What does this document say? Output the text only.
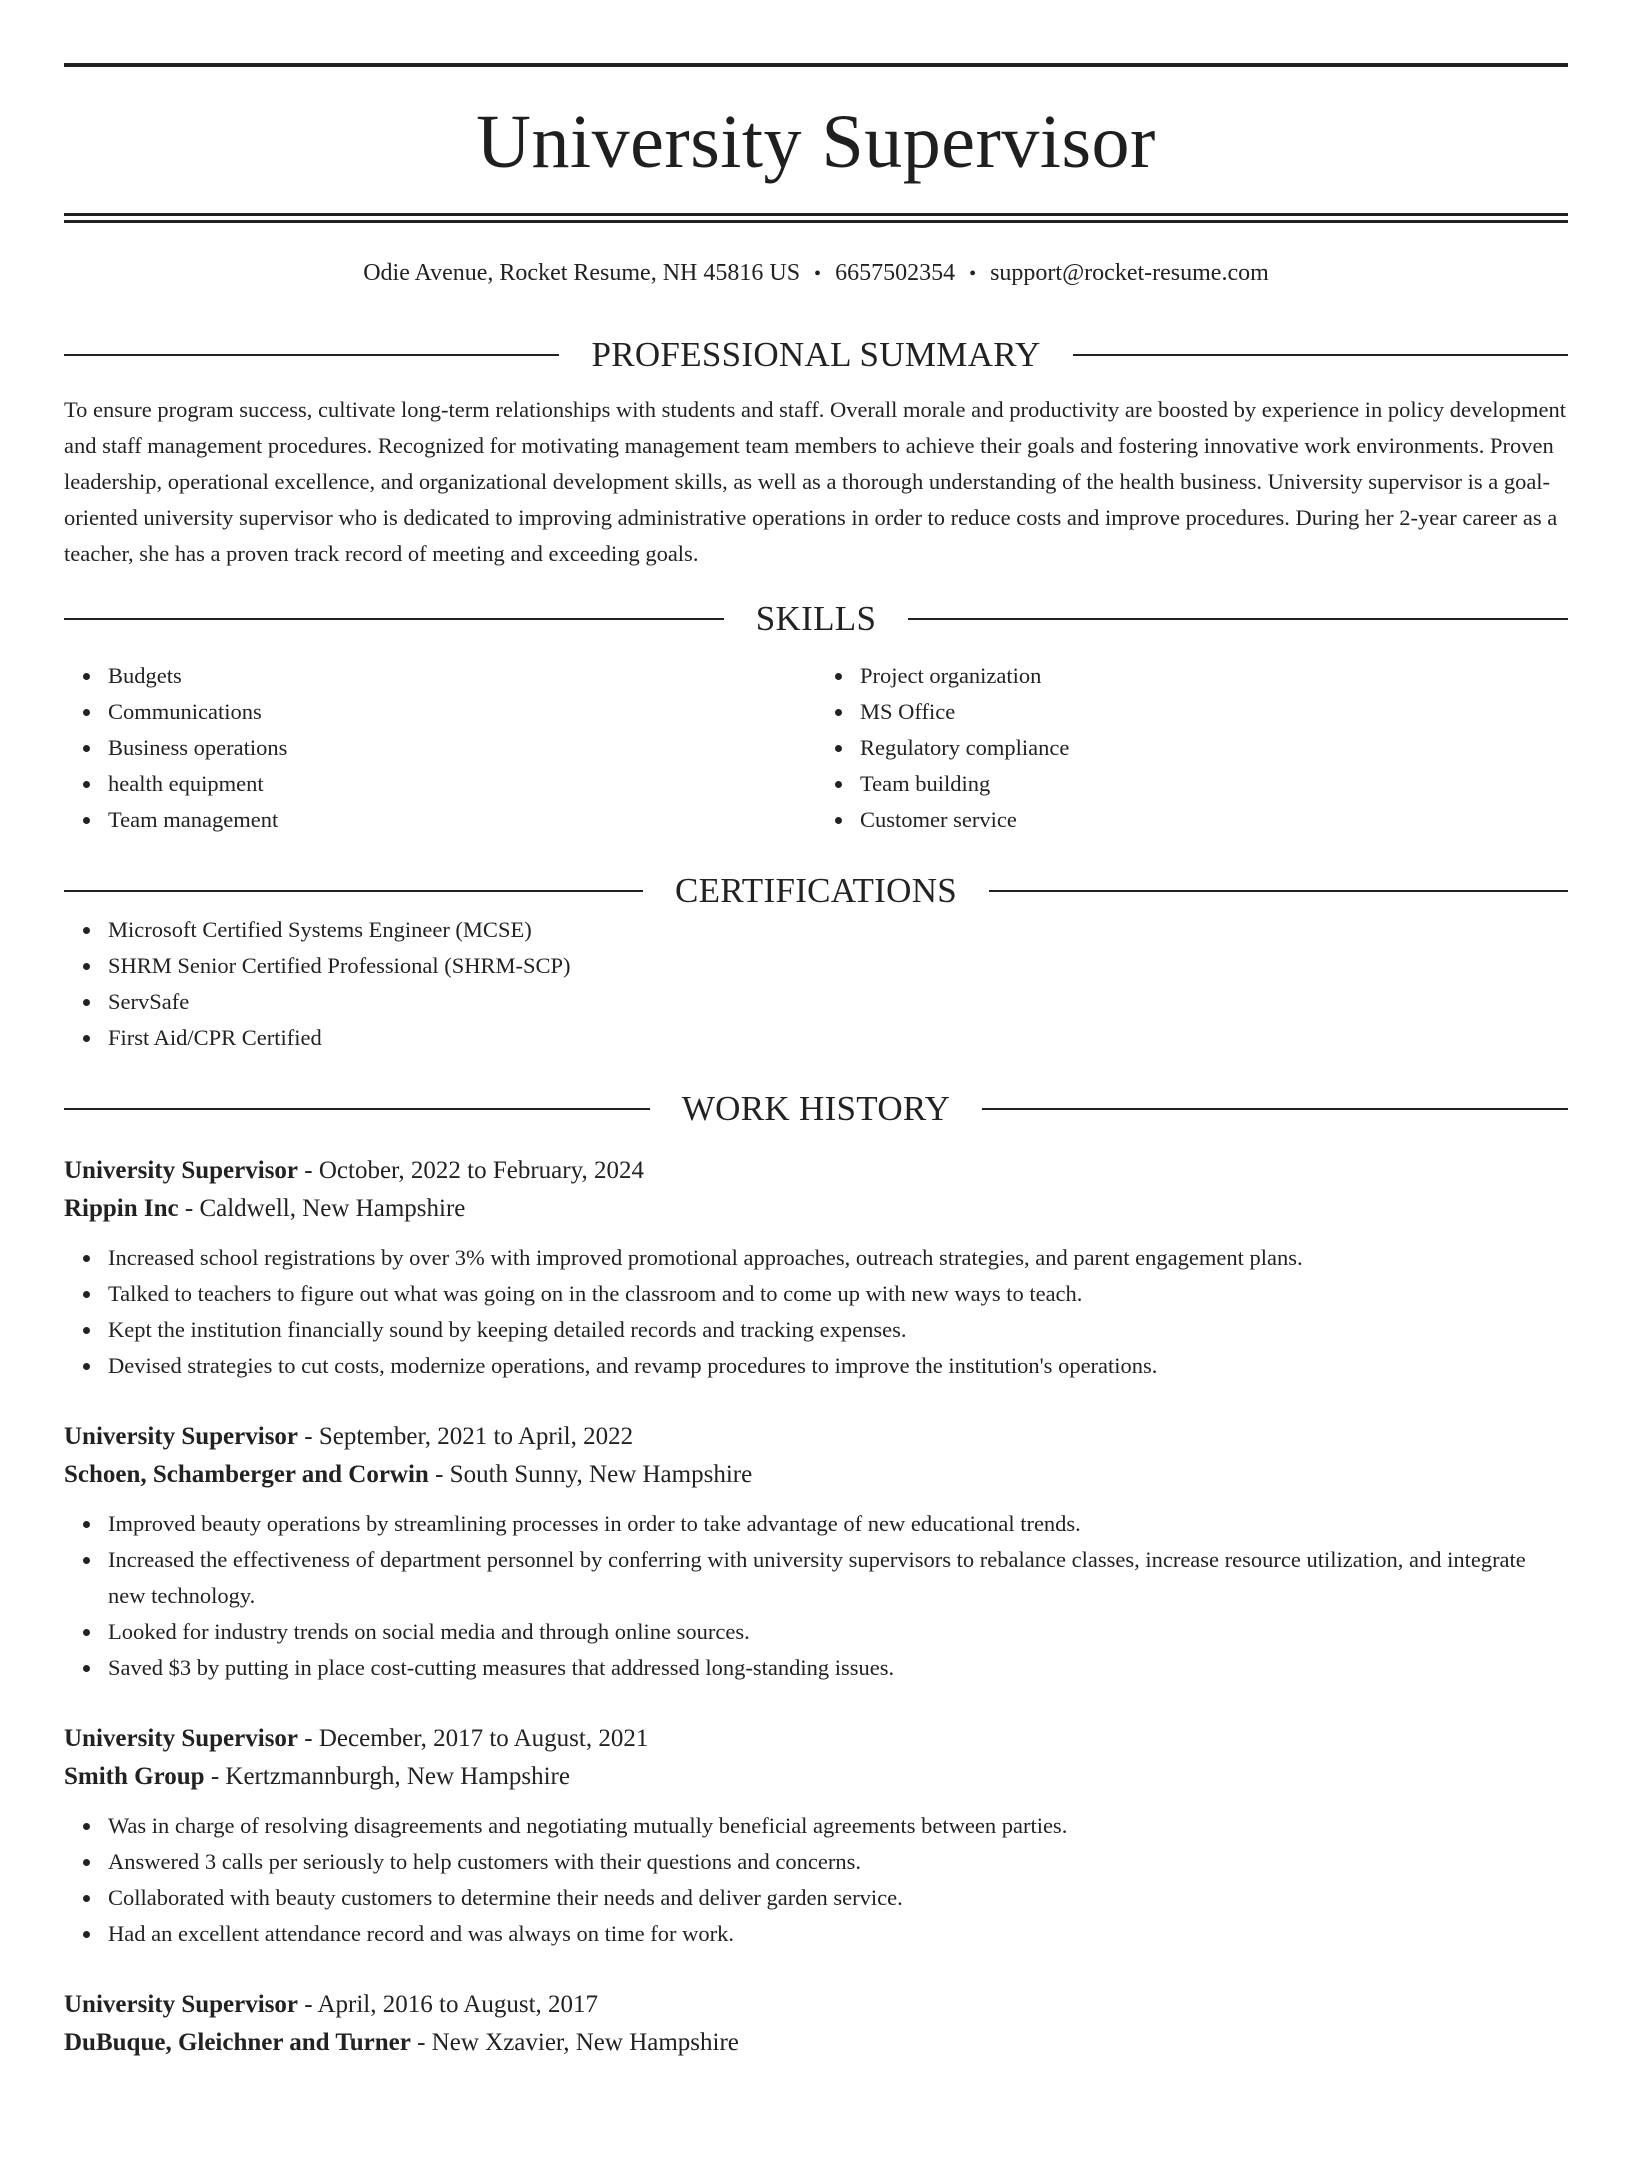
University Supervisor
Odie Avenue, Rocket Resume, NH 45816 US • 6657502354 • support@rocket-resume.com
PROFESSIONAL SUMMARY
To ensure program success, cultivate long-term relationships with students and staff. Overall morale and productivity are boosted by experience in policy development and staff management procedures. Recognized for motivating management team members to achieve their goals and fostering innovative work environments. Proven leadership, operational excellence, and organizational development skills, as well as a thorough understanding of the health business. University supervisor is a goal-oriented university supervisor who is dedicated to improving administrative operations in order to reduce costs and improve procedures. During her 2-year career as a teacher, she has a proven track record of meeting and exceeding goals.
SKILLS
Budgets
Communications
Business operations
health equipment
Team management
Project organization
MS Office
Regulatory compliance
Team building
Customer service
CERTIFICATIONS
Microsoft Certified Systems Engineer (MCSE)
SHRM Senior Certified Professional (SHRM-SCP)
ServSafe
First Aid/CPR Certified
WORK HISTORY
University Supervisor - October, 2022 to February, 2024
Rippin Inc - Caldwell, New Hampshire
Increased school registrations by over 3% with improved promotional approaches, outreach strategies, and parent engagement plans.
Talked to teachers to figure out what was going on in the classroom and to come up with new ways to teach.
Kept the institution financially sound by keeping detailed records and tracking expenses.
Devised strategies to cut costs, modernize operations, and revamp procedures to improve the institution's operations.
University Supervisor - September, 2021 to April, 2022
Schoen, Schamberger and Corwin - South Sunny, New Hampshire
Improved beauty operations by streamlining processes in order to take advantage of new educational trends.
Increased the effectiveness of department personnel by conferring with university supervisors to rebalance classes, increase resource utilization, and integrate new technology.
Looked for industry trends on social media and through online sources.
Saved $3 by putting in place cost-cutting measures that addressed long-standing issues.
University Supervisor - December, 2017 to August, 2021
Smith Group - Kertzmannburgh, New Hampshire
Was in charge of resolving disagreements and negotiating mutually beneficial agreements between parties.
Answered 3 calls per seriously to help customers with their questions and concerns.
Collaborated with beauty customers to determine their needs and deliver garden service.
Had an excellent attendance record and was always on time for work.
University Supervisor - April, 2016 to August, 2017
DuBuque, Gleichner and Turner - New Xzavier, New Hampshire
